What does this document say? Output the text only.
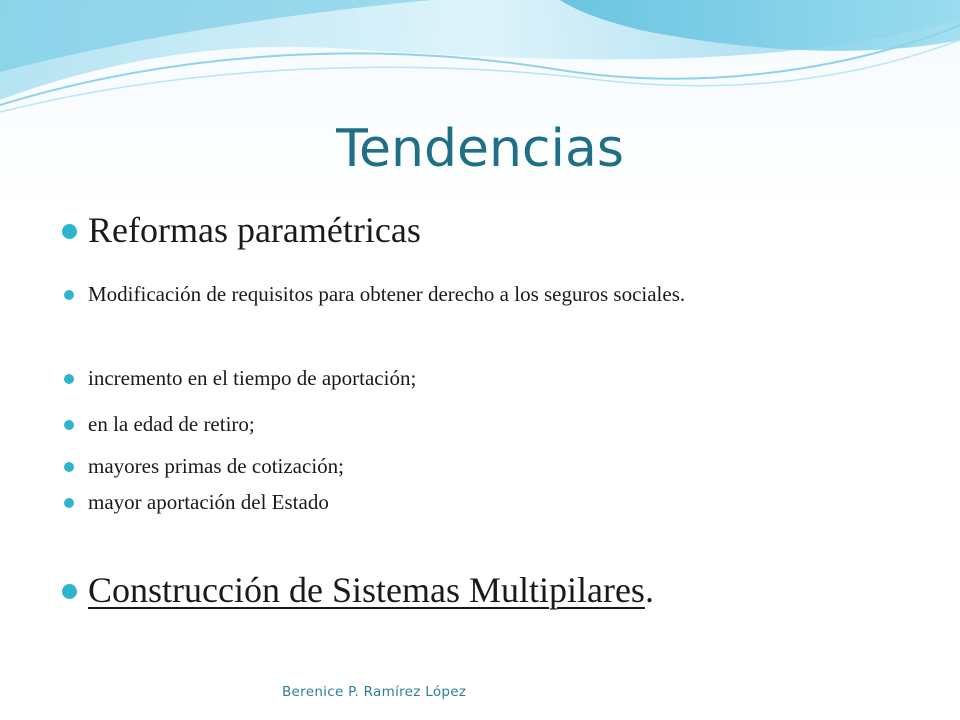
Tendencias
Reformas paramétricas
Modificación de requisitos para obtener derecho a los seguros sociales.
incremento en el tiempo de aportación;
en la edad de retiro;
mayores primas de cotización;
mayor aportación del Estado
Construcción de Sistemas Multipilares.
Berenice P. Ramírez López
